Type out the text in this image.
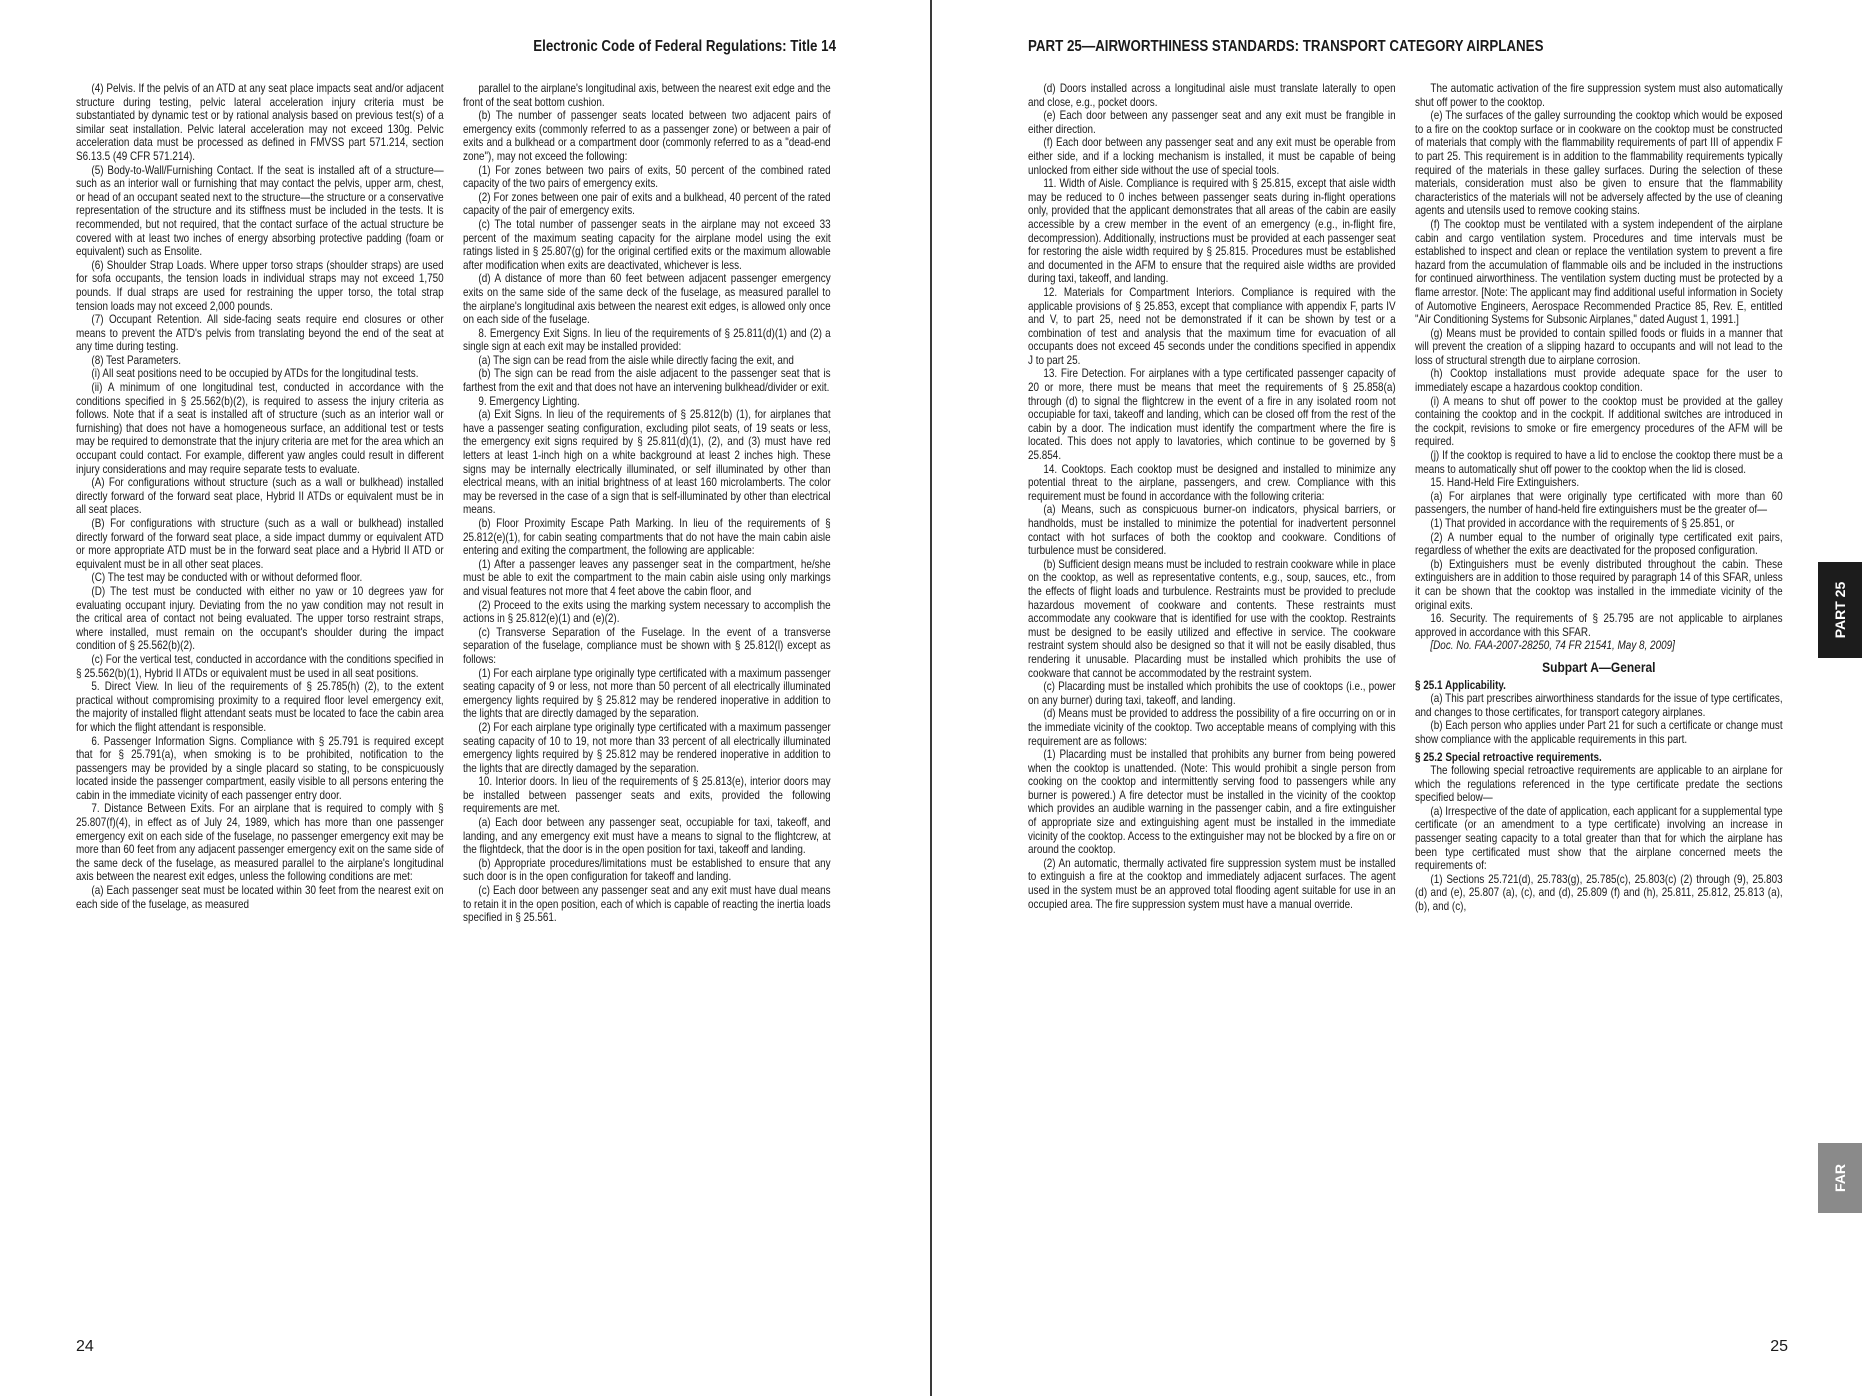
Electronic Code of Federal Regulations: Title 14

(4) Pelvis. If the pelvis of an ATD at any seat place impacts seat and/or adjacent structure during testing, pelvic lateral acceleration injury criteria must be substantiated by dynamic test or by rational analysis based on previous test(s) of a similar seat installation. Pelvic lateral acceleration may not exceed 130g. Pelvic acceleration data must be processed as defined in FMVSS part 571.214, section S6.13.5 (49 CFR 571.214).

(5) Body-to-Wall/Furnishing Contact. If the seat is installed aft of a structure—such as an interior wall or furnishing that may contact the pelvis, upper arm, chest, or head of an occupant seated next to the structure—the structure or a conservative representation of the structure and its stiffness must be included in the tests. It is recommended, but not required, that the contact surface of the actual structure be covered with at least two inches of energy absorbing protective padding (foam or equivalent) such as Ensolite.

(6) Shoulder Strap Loads. Where upper torso straps (shoulder straps) are used for sofa occupants, the tension loads in individual straps may not exceed 1,750 pounds. If dual straps are used for restraining the upper torso, the total strap tension loads may not exceed 2,000 pounds.

(7) Occupant Retention. All side-facing seats require end closures or other means to prevent the ATD's pelvis from translating beyond the end of the seat at any time during testing.

(8) Test Parameters.

(i) All seat positions need to be occupied by ATDs for the longitudinal tests.

(ii) A minimum of one longitudinal test, conducted in accordance with the conditions specified in § 25.562(b)(2), is required to assess the injury criteria as follows. Note that if a seat is installed aft of structure (such as an interior wall or furnishing) that does not have a homogeneous surface, an additional test or tests may be required to demonstrate that the injury criteria are met for the area which an occupant could contact. For example, different yaw angles could result in different injury considerations and may require separate tests to evaluate.

(A) For configurations without structure (such as a wall or bulkhead) installed directly forward of the forward seat place, Hybrid II ATDs or equivalent must be in all seat places.

(B) For configurations with structure (such as a wall or bulkhead) installed directly forward of the forward seat place, a side impact dummy or equivalent ATD or more appropriate ATD must be in the forward seat place and a Hybrid II ATD or equivalent must be in all other seat places.

(C) The test may be conducted with or without deformed floor.

(D) The test must be conducted with either no yaw or 10 degrees yaw for evaluating occupant injury. Deviating from the no yaw condition may not result in the critical area of contact not being evaluated. The upper torso restraint straps, where installed, must remain on the occupant's shoulder during the impact condition of § 25.562(b)(2).

(c) For the vertical test, conducted in accordance with the conditions specified in § 25.562(b)(1), Hybrid II ATDs or equivalent must be used in all seat positions.

5. Direct View. In lieu of the requirements of § 25.785(h) (2), to the extent practical without compromising proximity to a required floor level emergency exit, the majority of installed flight attendant seats must be located to face the cabin area for which the flight attendant is responsible.

6. Passenger Information Signs. Compliance with § 25.791 is required except that for § 25.791(a), when smoking is to be prohibited, notification to the passengers may be provided by a single placard so stating, to be conspicuously located inside the passenger compartment, easily visible to all persons entering the cabin in the immediate vicinity of each passenger entry door.

7. Distance Between Exits. For an airplane that is required to comply with § 25.807(f)(4), in effect as of July 24, 1989, which has more than one passenger emergency exit on each side of the fuselage, no passenger emergency exit may be more than 60 feet from any adjacent passenger emergency exit on the same side of the same deck of the fuselage, as measured parallel to the airplane's longitudinal axis between the nearest exit edges, unless the following conditions are met:

(a) Each passenger seat must be located within 30 feet from the nearest exit on each side of the fuselage, as measured

parallel to the airplane's longitudinal axis, between the nearest exit edge and the front of the seat bottom cushion.

(b) The number of passenger seats located between two adjacent pairs of emergency exits (commonly referred to as a passenger zone) or between a pair of exits and a bulkhead or a compartment door (commonly referred to as a "dead-end zone"), may not exceed the following:

(1) For zones between two pairs of exits, 50 percent of the combined rated capacity of the two pairs of emergency exits.

(2) For zones between one pair of exits and a bulkhead, 40 percent of the rated capacity of the pair of emergency exits.

(c) The total number of passenger seats in the airplane may not exceed 33 percent of the maximum seating capacity for the airplane model using the exit ratings listed in § 25.807(g) for the original certified exits or the maximum allowable after modification when exits are deactivated, whichever is less.

(d) A distance of more than 60 feet between adjacent passenger emergency exits on the same side of the same deck of the fuselage, as measured parallel to the airplane's longitudinal axis between the nearest exit edges, is allowed only once on each side of the fuselage.

8. Emergency Exit Signs. In lieu of the requirements of § 25.811(d)(1) and (2) a single sign at each exit may be installed provided:

(a) The sign can be read from the aisle while directly facing the exit, and

(b) The sign can be read from the aisle adjacent to the passenger seat that is farthest from the exit and that does not have an intervening bulkhead/divider or exit.

9. Emergency Lighting.

(a) Exit Signs. In lieu of the requirements of § 25.812(b) (1), for airplanes that have a passenger seating configuration, excluding pilot seats, of 19 seats or less, the emergency exit signs required by § 25.811(d)(1), (2), and (3) must have red letters at least 1-inch high on a white background at least 2 inches high. These signs may be internally electrically illuminated, or self illuminated by other than electrical means, with an initial brightness of at least 160 microlamberts. The color may be reversed in the case of a sign that is self-illuminated by other than electrical means.

(b) Floor Proximity Escape Path Marking. In lieu of the requirements of § 25.812(e)(1), for cabin seating compartments that do not have the main cabin aisle entering and exiting the compartment, the following are applicable:

(1) After a passenger leaves any passenger seat in the compartment, he/she must be able to exit the compartment to the main cabin aisle using only markings and visual features not more that 4 feet above the cabin floor, and

(2) Proceed to the exits using the marking system necessary to accomplish the actions in § 25.812(e)(1) and (e)(2).

(c) Transverse Separation of the Fuselage. In the event of a transverse separation of the fuselage, compliance must be shown with § 25.812(l) except as follows:

(1) For each airplane type originally type certificated with a maximum passenger seating capacity of 9 or less, not more than 50 percent of all electrically illuminated emergency lights required by § 25.812 may be rendered inoperative in addition to the lights that are directly damaged by the separation.

(2) For each airplane type originally type certificated with a maximum passenger seating capacity of 10 to 19, not more than 33 percent of all electrically illuminated emergency lights required by § 25.812 may be rendered inoperative in addition to the lights that are directly damaged by the separation.

10. Interior doors. In lieu of the requirements of § 25.813(e), interior doors may be installed between passenger seats and exits, provided the following requirements are met.

(a) Each door between any passenger seat, occupiable for taxi, takeoff, and landing, and any emergency exit must have a means to signal to the flightcrew, at the flightdeck, that the door is in the open position for taxi, takeoff and landing.

(b) Appropriate procedures/limitations must be established to ensure that any such door is in the open configuration for takeoff and landing.

(c) Each door between any passenger seat and any exit must have dual means to retain it in the open position, each of which is capable of reacting the inertia loads specified in § 25.561.

24
PART 25—AIRWORTHINESS STANDARDS: TRANSPORT CATEGORY AIRPLANES

(d) Doors installed across a longitudinal aisle must translate laterally to open and close, e.g., pocket doors.

(e) Each door between any passenger seat and any exit must be frangible in either direction.

(f) Each door between any passenger seat and any exit must be operable from either side, and if a locking mechanism is installed, it must be capable of being unlocked from either side without the use of special tools.

11. Width of Aisle. Compliance is required with § 25.815, except that aisle width may be reduced to 0 inches between passenger seats during in-flight operations only, provided that the applicant demonstrates that all areas of the cabin are easily accessible by a crew member in the event of an emergency (e.g., in-flight fire, decompression). Additionally, instructions must be provided at each passenger seat for restoring the aisle width required by § 25.815. Procedures must be established and documented in the AFM to ensure that the required aisle widths are provided during taxi, takeoff, and landing.

12. Materials for Compartment Interiors. Compliance is required with the applicable provisions of § 25.853, except that compliance with appendix F, parts IV and V, to part 25, need not be demonstrated if it can be shown by test or a combination of test and analysis that the maximum time for evacuation of all occupants does not exceed 45 seconds under the conditions specified in appendix J to part 25.

13. Fire Detection. For airplanes with a type certificated passenger capacity of 20 or more, there must be means that meet the requirements of § 25.858(a) through (d) to signal the flightcrew in the event of a fire in any isolated room not occupiable for taxi, takeoff and landing, which can be closed off from the rest of the cabin by a door. The indication must identify the compartment where the fire is located. This does not apply to lavatories, which continue to be governed by § 25.854.

14. Cooktops. Each cooktop must be designed and installed to minimize any potential threat to the airplane, passengers, and crew. Compliance with this requirement must be found in accordance with the following criteria:

(a) Means, such as conspicuous burner-on indicators, physical barriers, or handholds, must be installed to minimize the potential for inadvertent personnel contact with hot surfaces of both the cooktop and cookware. Conditions of turbulence must be considered.

(b) Sufficient design means must be included to restrain cookware while in place on the cooktop, as well as representative contents, e.g., soup, sauces, etc., from the effects of flight loads and turbulence. Restraints must be provided to preclude hazardous movement of cookware and contents. These restraints must accommodate any cookware that is identified for use with the cooktop. Restraints must be designed to be easily utilized and effective in service. The cookware restraint system should also be designed so that it will not be easily disabled, thus rendering it unusable. Placarding must be installed which prohibits the use of cookware that cannot be accommodated by the restraint system.

(c) Placarding must be installed which prohibits the use of cooktops (i.e., power on any burner) during taxi, takeoff, and landing.

(d) Means must be provided to address the possibility of a fire occurring on or in the immediate vicinity of the cooktop. Two acceptable means of complying with this requirement are as follows:

(1) Placarding must be installed that prohibits any burner from being powered when the cooktop is unattended. (Note: This would prohibit a single person from cooking on the cooktop and intermittently serving food to passengers while any burner is powered.) A fire detector must be installed in the vicinity of the cooktop which provides an audible warning in the passenger cabin, and a fire extinguisher of appropriate size and extinguishing agent must be installed in the immediate vicinity of the cooktop. Access to the extinguisher may not be blocked by a fire on or around the cooktop.

(2) An automatic, thermally activated fire suppression system must be installed to extinguish a fire at the cooktop and immediately adjacent surfaces. The agent used in the system must be an approved total flooding agent suitable for use in an occupied area. The fire suppression system must have a manual override.

The automatic activation of the fire suppression system must also automatically shut off power to the cooktop.

(e) The surfaces of the galley surrounding the cooktop which would be exposed to a fire on the cooktop surface or in cookware on the cooktop must be constructed of materials that comply with the flammability requirements of part III of appendix F to part 25. This requirement is in addition to the flammability requirements typically required of the materials in these galley surfaces. During the selection of these materials, consideration must also be given to ensure that the flammability characteristics of the materials will not be adversely affected by the use of cleaning agents and utensils used to remove cooking stains.

(f) The cooktop must be ventilated with a system independent of the airplane cabin and cargo ventilation system. Procedures and time intervals must be established to inspect and clean or replace the ventilation system to prevent a fire hazard from the accumulation of flammable oils and be included in the instructions for continued airworthiness. The ventilation system ducting must be protected by a flame arrestor. [Note: The applicant may find additional useful information in Society of Automotive Engineers, Aerospace Recommended Practice 85, Rev. E, entitled "Air Conditioning Systems for Subsonic Airplanes," dated August 1, 1991.]

(g) Means must be provided to contain spilled foods or fluids in a manner that will prevent the creation of a slipping hazard to occupants and will not lead to the loss of structural strength due to airplane corrosion.

(h) Cooktop installations must provide adequate space for the user to immediately escape a hazardous cooktop condition.

(i) A means to shut off power to the cooktop must be provided at the galley containing the cooktop and in the cockpit. If additional switches are introduced in the cockpit, revisions to smoke or fire emergency procedures of the AFM will be required.

(j) If the cooktop is required to have a lid to enclose the cooktop there must be a means to automatically shut off power to the cooktop when the lid is closed.

15. Hand-Held Fire Extinguishers.

(a) For airplanes that were originally type certificated with more than 60 passengers, the number of hand-held fire extinguishers must be the greater of—

(1) That provided in accordance with the requirements of § 25.851, or

(2) A number equal to the number of originally type certificated exit pairs, regardless of whether the exits are deactivated for the proposed configuration.

(b) Extinguishers must be evenly distributed throughout the cabin. These extinguishers are in addition to those required by paragraph 14 of this SFAR, unless it can be shown that the cooktop was installed in the immediate vicinity of the original exits.

16. Security. The requirements of § 25.795 are not applicable to airplanes approved in accordance with this SFAR.

[Doc. No. FAA-2007-28250, 74 FR 21541, May 8, 2009]

Subpart A—General

§ 25.1 Applicability.

(a) This part prescribes airworthiness standards for the issue of type certificates, and changes to those certificates, for transport category airplanes.

(b) Each person who applies under Part 21 for such a certificate or change must show compliance with the applicable requirements in this part.

§ 25.2 Special retroactive requirements.

The following special retroactive requirements are applicable to an airplane for which the regulations referenced in the type certificate predate the sections specified below—

(a) Irrespective of the date of application, each applicant for a supplemental type certificate (or an amendment to a type certificate) involving an increase in passenger seating capacity to a total greater than that for which the airplane has been type certificated must show that the airplane concerned meets the requirements of:

(1) Sections 25.721(d), 25.783(g), 25.785(c), 25.803(c) (2) through (9), 25.803 (d) and (e), 25.807 (a), (c), and (d), 25.809 (f) and (h), 25.811, 25.812, 25.813 (a), (b), and (c),

25
PART 25
FAR
